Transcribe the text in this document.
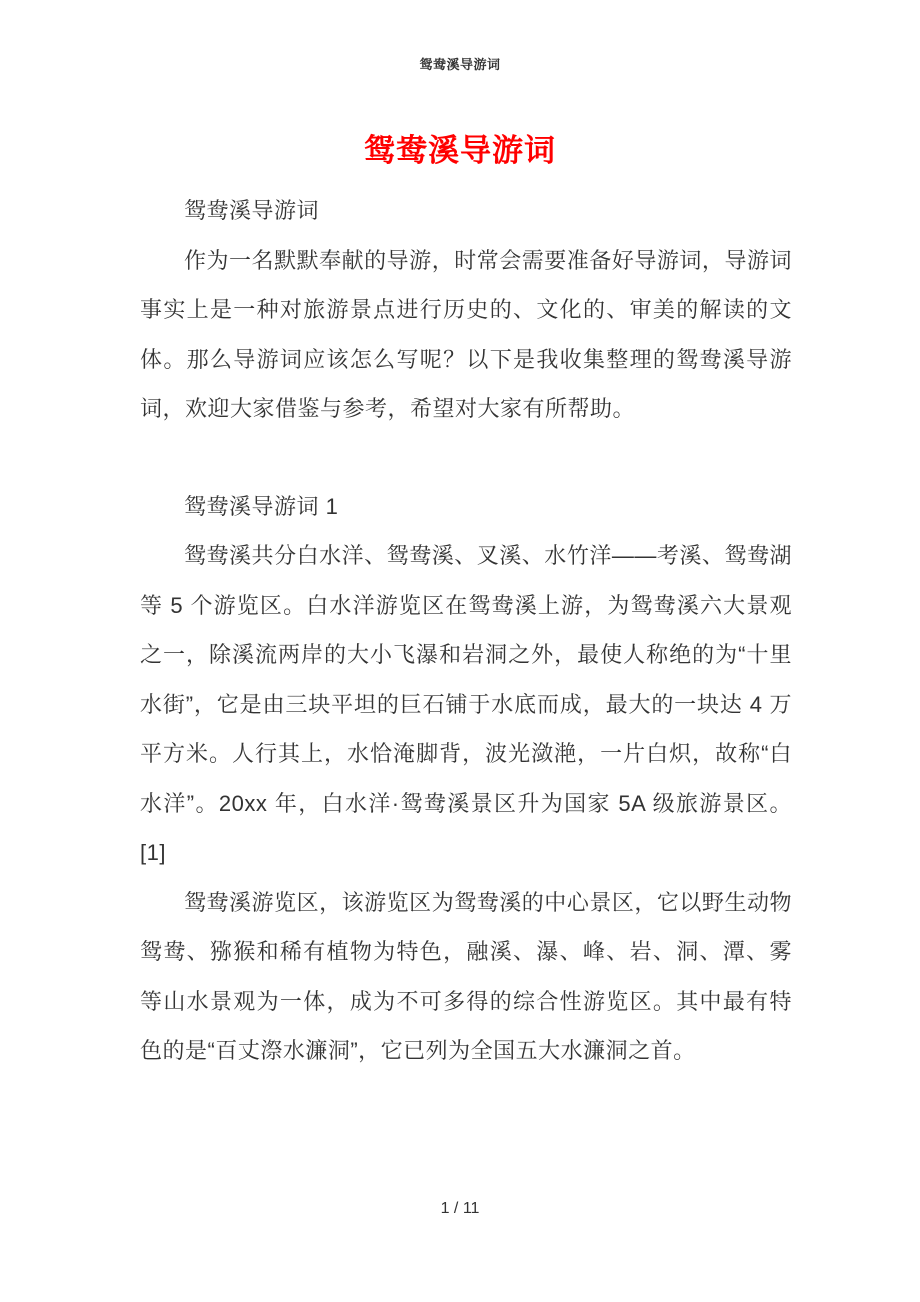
鸳鸯溪导游词
鸳鸯溪导游词

鸳鸯溪导游词

作为一名默默奉献的导游，时常会需要准备好导游词，导游词事实上是一种对旅游景点进行历史的、文化的、审美的解读的文体。那么导游词应该怎么写呢？以下是我收集整理的鸳鸯溪导游词，欢迎大家借鉴与参考，希望对大家有所帮助。

鸳鸯溪导游词 1

鸳鸯溪共分白水洋、鸳鸯溪、叉溪、水竹洋——考溪、鸳鸯湖等 5 个游览区。白水洋游览区在鸳鸯溪上游，为鸳鸯溪六大景观之一，除溪流两岸的大小飞瀑和岩洞之外，最使人称绝的为“十里水街”，它是由三块平坦的巨石铺于水底而成，最大的一块达 4 万平方米。人行其上，水恰淹脚背，波光潋滟，一片白炽，故称“白水洋”。20xx 年，白水洋·鸳鸯溪景区升为国家 5A 级旅游景区。[1]

鸳鸯溪游览区，该游览区为鸳鸯溪的中心景区，它以野生动物鸳鸯、猕猴和稀有植物为特色，融溪、瀑、峰、岩、洞、潭、雾等山水景观为一体，成为不可多得的综合性游览区。其中最有特色的是“百丈漈水濂洞”，它已列为全国五大水濂洞之首。

1 / 11
